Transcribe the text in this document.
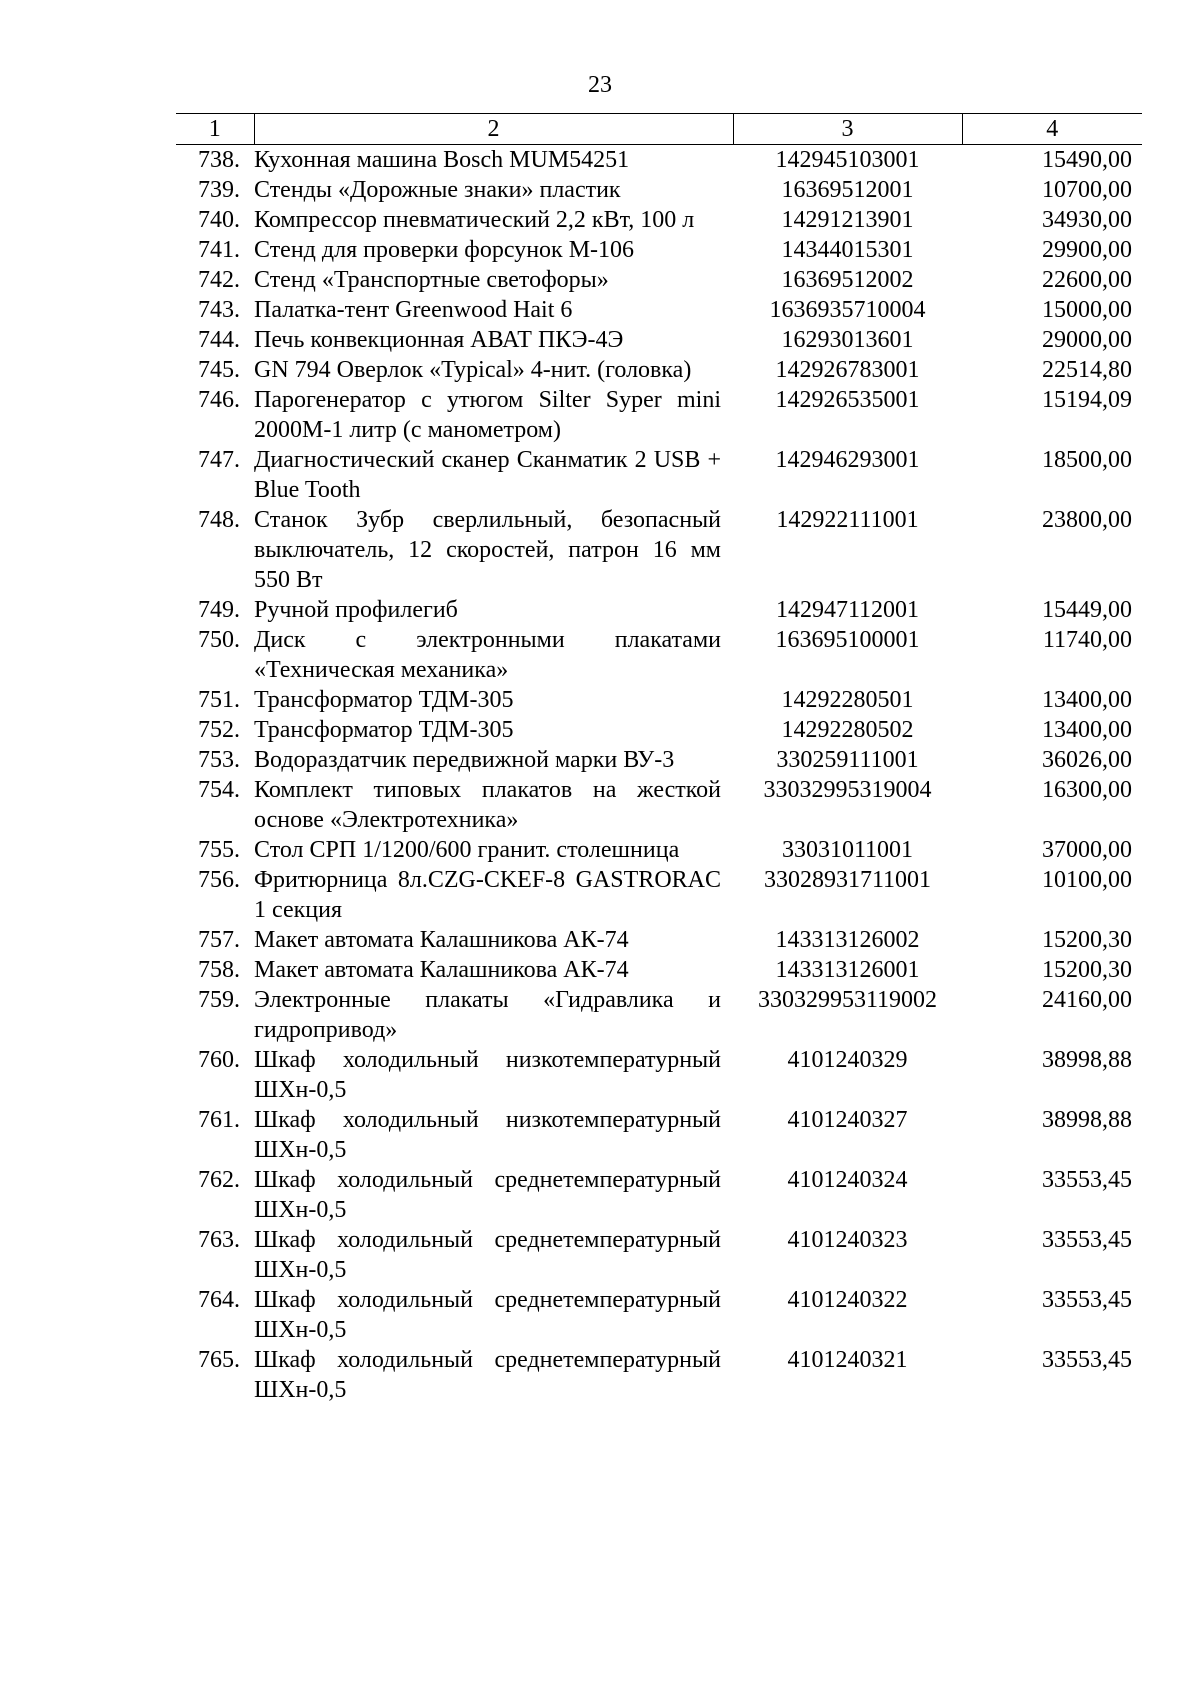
23
1	2	3	4
738.	Кухонная машина Bosch MUM54251	142945103001	15490,00
739.	Стенды «Дорожные знаки» пластик	16369512001	10700,00
740.	Компрессор пневматический 2,2 кВт, 100 л	14291213901	34930,00
741.	Стенд для проверки форсунок М-106	14344015301	29900,00
742.	Стенд «Транспортные светофоры»	16369512002	22600,00
743.	Палатка-тент Greenwood Hait 6	1636935710004	15000,00
744.	Печь конвекционная АВАТ ПКЭ-4Э	16293013601	29000,00
745.	GN 794 Оверлок «Typical» 4-нит. (головка)	142926783001	22514,80
746.	Парогенератор с утюгом Silter Syper mini 2000М-1 литр (с манометром)	142926535001	15194,09
747.	Диагностический сканер Сканматик 2 USB + Blue Tooth	142946293001	18500,00
748.	Станок Зубр сверлильный, безопасный выключатель, 12 скоростей, патрон 16 мм 550 Вт	142922111001	23800,00
749.	Ручной профилегиб	142947112001	15449,00
750.	Диск с электронными плакатами «Техническая механика»	163695100001	11740,00
751.	Трансформатор ТДМ-305	14292280501	13400,00
752.	Трансформатор ТДМ-305	14292280502	13400,00
753.	Водораздатчик передвижной марки ВУ-3	330259111001	36026,00
754.	Комплект типовых плакатов на жесткой основе «Электротехника»	33032995319004	16300,00
755.	Стол СРП 1/1200/600 гранит. столешница	33031011001	37000,00
756.	Фритюрница 8л.CZG-CKEF-8 GASTRORAC 1 секция	33028931711001	10100,00
757.	Макет автомата Калашникова АК-74	143313126002	15200,30
758.	Макет автомата Калашникова АК-74	143313126001	15200,30
759.	Электронные плакаты «Гидравлика и гидропривод»	330329953119002	24160,00
760.	Шкаф холодильный низкотемпературный ШХн-0,5	4101240329	38998,88
761.	Шкаф холодильный низкотемпературный ШХн-0,5	4101240327	38998,88
762.	Шкаф холодильный среднетемпературный ШХн-0,5	4101240324	33553,45
763.	Шкаф холодильный среднетемпературный ШХн-0,5	4101240323	33553,45
764.	Шкаф холодильный среднетемпературный ШХн-0,5	4101240322	33553,45
765.	Шкаф холодильный среднетемпературный ШХн-0,5	4101240321	33553,45
